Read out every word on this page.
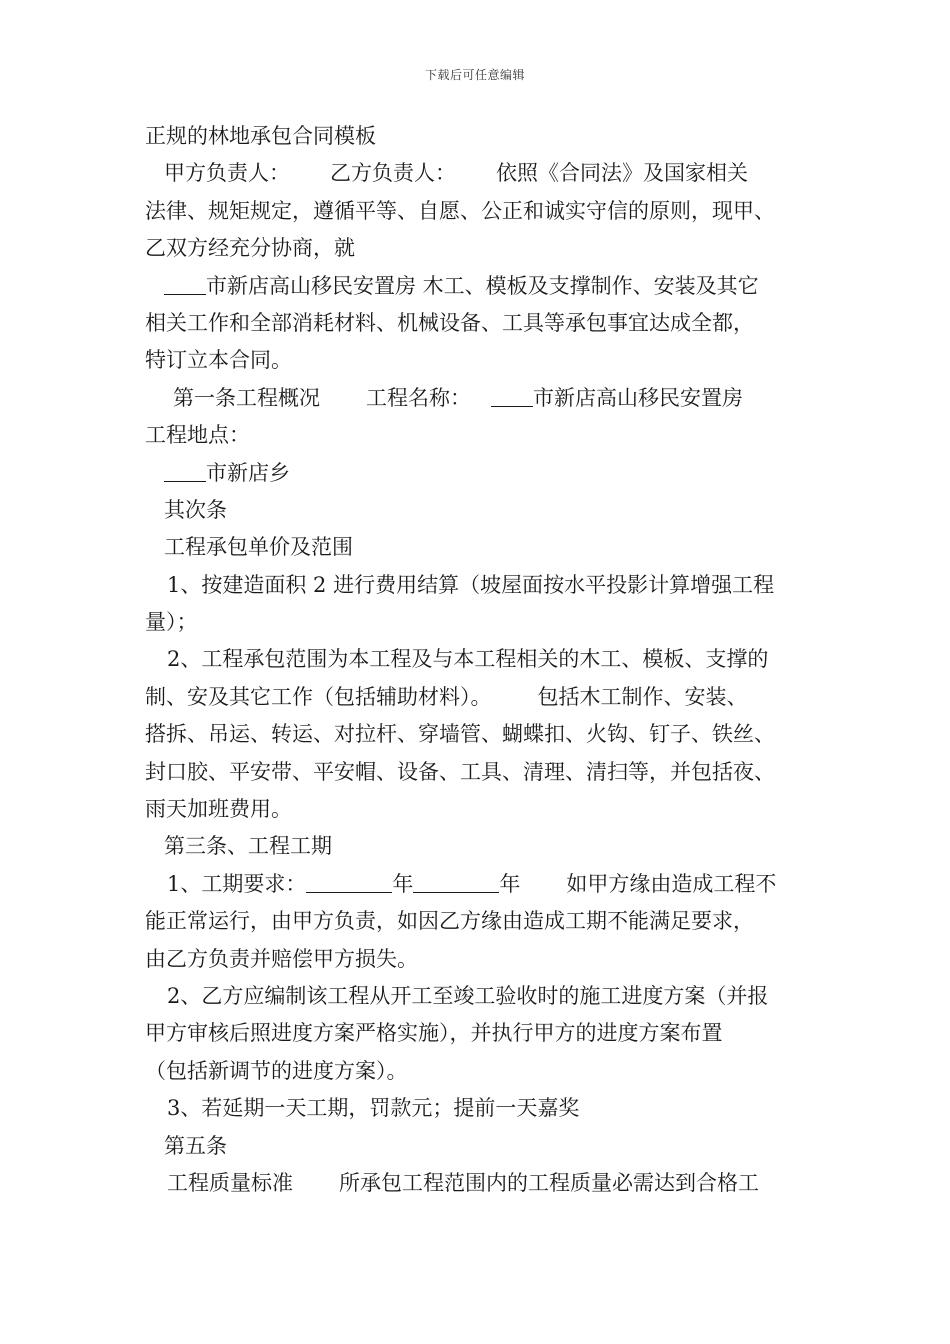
下载后可任意编辑
正规的林地承包合同模板
甲方负责人： 乙方负责人： 依照《合同法》及国家相关
法律、规矩规定，遵循平等、自愿、公正和诚实守信的原则，现甲、
乙双方经充分协商，就
市新店高山移民安置房 木工、模板及支撑制作、安装及其它
相关工作和全部消耗材料、机械设备、工具等承包事宜达成全都，
特订立本合同。
第一条工程概况 工程名称：	市新店高山移民安置房
工程地点：
市新店乡
其次条
工程承包单价及范围
1、按建造面积 2 进行费用结算（坡屋面按水平投影计算增强工程
量）；
2、工程承包范围为本工程及与本工程相关的木工、模板、支撑的
制、安及其它工作（包括辅助材料）。 包括木工制作、安装、
搭拆、吊运、转运、对拉杆、穿墙管、蝴蝶扣、火钩、钉子、铁丝、
封口胶、平安带、平安帽、设备、工具、清理、清扫等，并包括夜、
雨天加班费用。
第三条、工程工期
1、工期要求：	年	年 如甲方缘由造成工程不
能正常运行，由甲方负责，如因乙方缘由造成工期不能满足要求，
由乙方负责并赔偿甲方损失。
2、乙方应编制该工程从开工至竣工验收时的施工进度方案（并报
甲方审核后照进度方案严格实施），并执行甲方的进度方案布置
（包括新调节的进度方案）。
3、若延期一天工期，罚款元；提前一天嘉奖
第五条
工程质量标准 所承包工程范围内的工程质量必需达到合格工
